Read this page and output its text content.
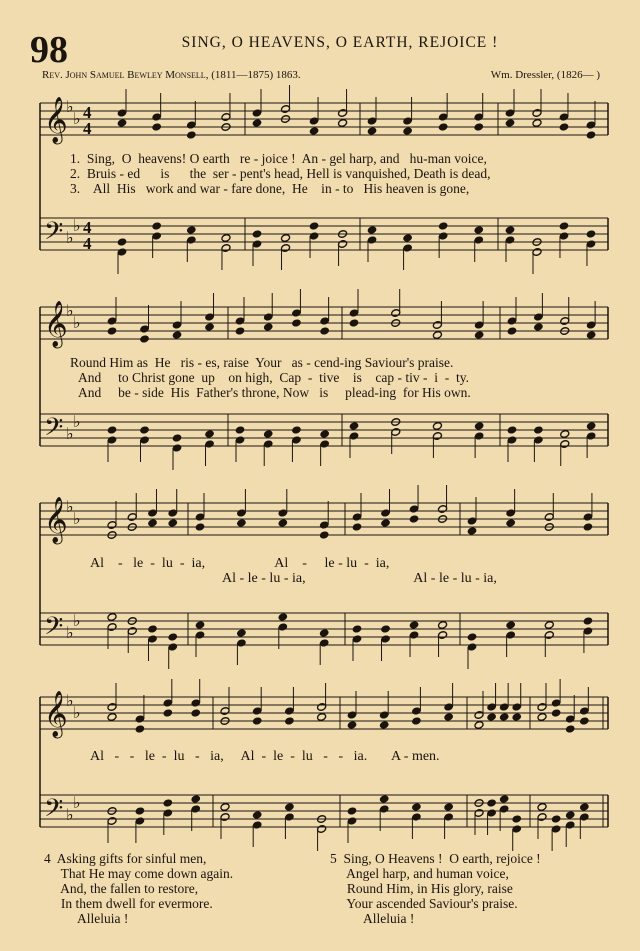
98	SING, O HEAVENS, O EARTH, REJOICE !
Rev. John Samuel Bewley Monsell, (1811—1875) 1863.	Wm. Dressler, (1826— )
𝄞
𝄢
♭
♭
♭
♭
4
4
4
4
𝄞
𝄢
♭
♭
♭
♭
𝄞
𝄢
♭
♭
♭
♭
𝄞
𝄢
♭
♭
♭
♭
1.  Sing,  O  heavens! O earth   re - joice !  An - gel harp, and   hu-man voice,
2.  Bruis - ed      is      the  ser - pent's head, Hell is vanquished, Death is dead,
3.    All  His   work and war - fare done,  He    in - to   His heaven is gone,
Round Him as  He   ris - es, raise  Your   as - cend-ing Saviour's praise.
And     to Christ gone  up    on high,  Cap  -  tive    is    cap - tiv -  i  -  ty.
And     be - side  His  Father's throne, Now   is     plead-ing  for His own.
Al    -   le  -  lu  -  ia,                    Al    -     le - lu  -  ia,
Al - le - lu - ia,                               Al - le - lu - ia,
Al   -   -   le  -  lu   -   ia,     Al  -  le  -  lu   -   -   ia.       A - men.
4  Asking gifts for sinful men,
That He may come down again.
And, the fallen to restore,
In them dwell for evermore.
Alleluia !
5  Sing, O Heavens !  O earth, rejoice !
Angel harp, and human voice,
Round Him, in His glory, raise
Your ascended Saviour's praise.
Alleluia !
